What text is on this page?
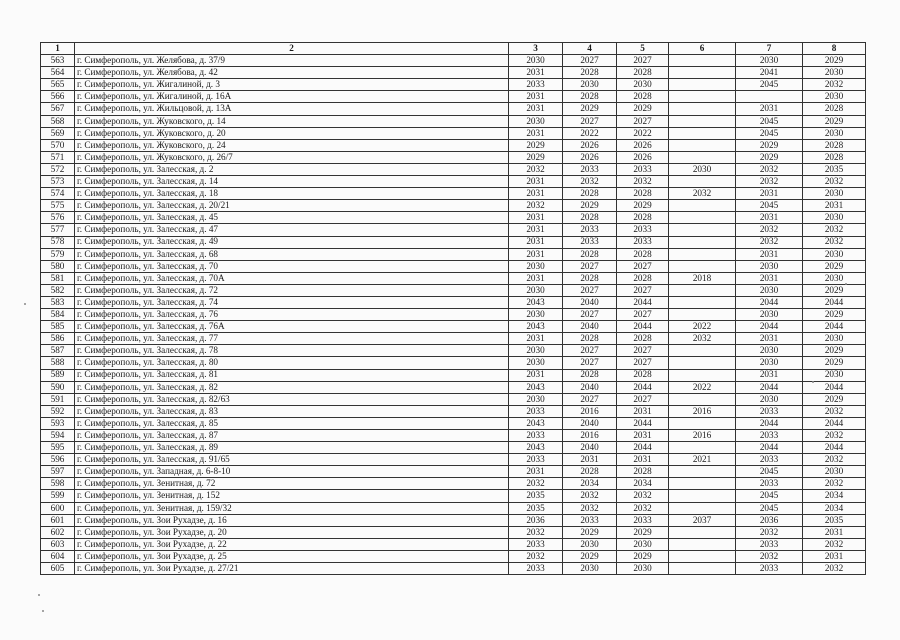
1	2	3	4	5	6	7	8
563	г. Симферополь, ул. Желябова, д. 37/9	2030	2027	2027		2030	2029
564	г. Симферополь, ул. Желябова, д. 42	2031	2028	2028		2041	2030
565	г. Симферополь, ул. Жигалиной, д. 3	2033	2030	2030		2045	2032
566	г. Симферополь, ул. Жигалиной, д. 16А	2031	2028	2028			2030
567	г. Симферополь, ул. Жильцовой, д. 13А	2031	2029	2029		2031	2028
568	г. Симферополь, ул. Жуковского, д. 14	2030	2027	2027		2045	2029
569	г. Симферополь, ул. Жуковского, д. 20	2031	2022	2022		2045	2030
570	г. Симферополь, ул. Жуковского, д. 24	2029	2026	2026		2029	2028
571	г. Симферополь, ул. Жуковского, д. 26/7	2029	2026	2026		2029	2028
572	г. Симферополь, ул. Залесская, д. 2	2032	2033	2033	2030	2032	2035
573	г. Симферополь, ул. Залесская, д. 14	2031	2032	2032		2032	2032
574	г. Симферополь, ул. Залесская, д. 18	2031	2028	2028	2032	2031	2030
575	г. Симферополь, ул. Залесская, д. 20/21	2032	2029	2029		2045	2031
576	г. Симферополь, ул. Залесская, д. 45	2031	2028	2028		2031	2030
577	г. Симферополь, ул. Залесская, д. 47	2031	2033	2033		2032	2032
578	г. Симферополь, ул. Залесская, д. 49	2031	2033	2033		2032	2032
579	г. Симферополь, ул. Залесская, д. 68	2031	2028	2028		2031	2030
580	г. Симферополь, ул. Залесская, д. 70	2030	2027	2027		2030	2029
581	г. Симферополь, ул. Залесская, д. 70А	2031	2028	2028	2018	2031	2030
582	г. Симферополь, ул. Залесская, д. 72	2030	2027	2027		2030	2029
583	г. Симферополь, ул. Залесская, д. 74	2043	2040	2044		2044	2044
584	г. Симферополь, ул. Залесская, д. 76	2030	2027	2027		2030	2029
585	г. Симферополь, ул. Залесская, д. 76А	2043	2040	2044	2022	2044	2044
586	г. Симферополь, ул. Залесская, д. 77	2031	2028	2028	2032	2031	2030
587	г. Симферополь, ул. Залесская, д. 78	2030	2027	2027		2030	2029
588	г. Симферополь, ул. Залесская, д. 80	2030	2027	2027		2030	2029
589	г. Симферополь, ул. Залесская, д. 81	2031	2028	2028		2031	2030
590	г. Симферополь, ул. Залесская, д. 82	2043	2040	2044	2022	2044	2044
591	г. Симферополь, ул. Залесская, д. 82/63	2030	2027	2027		2030	2029
592	г. Симферополь, ул. Залесская, д. 83	2033	2016	2031	2016	2033	2032
593	г. Симферополь, ул. Залесская, д. 85	2043	2040	2044		2044	2044
594	г. Симферополь, ул. Залесская, д. 87	2033	2016	2031	2016	2033	2032
595	г. Симферополь, ул. Залесская, д. 89	2043	2040	2044		2044	2044
596	г. Симферополь, ул. Залесская, д. 91/65	2033	2031	2031	2021	2033	2032
597	г. Симферополь, ул. Западная, д. 6-8-10	2031	2028	2028		2045	2030
598	г. Симферополь, ул. Зенитная, д. 72	2032	2034	2034		2033	2032
599	г. Симферополь, ул. Зенитная, д. 152	2035	2032	2032		2045	2034
600	г. Симферополь, ул. Зенитная, д. 159/32	2035	2032	2032		2045	2034
601	г. Симферополь, ул. Зои Рухадзе, д. 16	2036	2033	2033	2037	2036	2035
602	г. Симферополь, ул. Зои Рухадзе, д. 20	2032	2029	2029		2032	2031
603	г. Симферополь, ул. Зои Рухадзе, д. 22	2033	2030	2030		2033	2032
604	г. Симферополь, ул. Зои Рухадзе, д. 25	2032	2029	2029		2032	2031
605	г. Симферополь, ул. Зои Рухадзе, д. 27/21	2033	2030	2030		2033	2032
